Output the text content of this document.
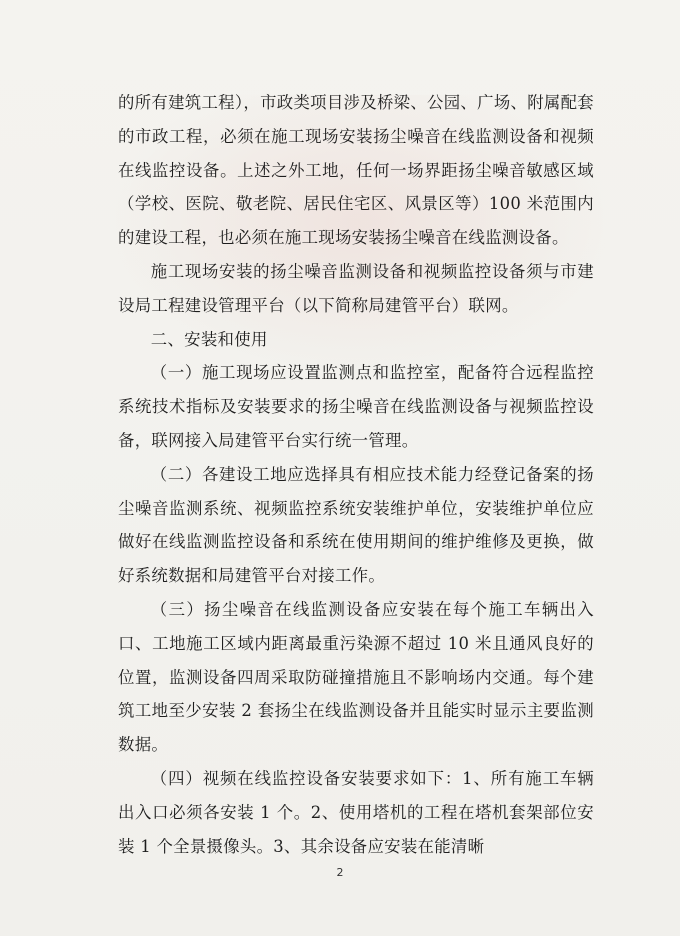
的所有建筑工程），市政类项目涉及桥梁、公园、广场、附属配套的市政工程，必须在施工现场安装扬尘噪音在线监测设备和视频在线监控设备。上述之外工地，任何一场界距扬尘噪音敏感区域（学校、医院、敬老院、居民住宅区、风景区等）100 米范围内的建设工程，也必须在施工现场安装扬尘噪音在线监测设备。

施工现场安装的扬尘噪音监测设备和视频监控设备须与市建设局工程建设管理平台（以下简称局建管平台）联网。

二、安装和使用

（一）施工现场应设置监测点和监控室，配备符合远程监控系统技术指标及安装要求的扬尘噪音在线监测设备与视频监控设备，联网接入局建管平台实行统一管理。

（二）各建设工地应选择具有相应技术能力经登记备案的扬尘噪音监测系统、视频监控系统安装维护单位，安装维护单位应做好在线监测监控设备和系统在使用期间的维护维修及更换，做好系统数据和局建管平台对接工作。

（三）扬尘噪音在线监测设备应安装在每个施工车辆出入口、工地施工区域内距离最重污染源不超过 10 米且通风良好的位置，监测设备四周采取防碰撞措施且不影响场内交通。每个建筑工地至少安装 2 套扬尘在线监测设备并且能实时显示主要监测数据。

（四）视频在线监控设备安装要求如下：1、所有施工车辆出入口必须各安装 1 个。2、使用塔机的工程在塔机套架部位安装 1 个全景摄像头。3、其余设备应安装在能清晰

2
